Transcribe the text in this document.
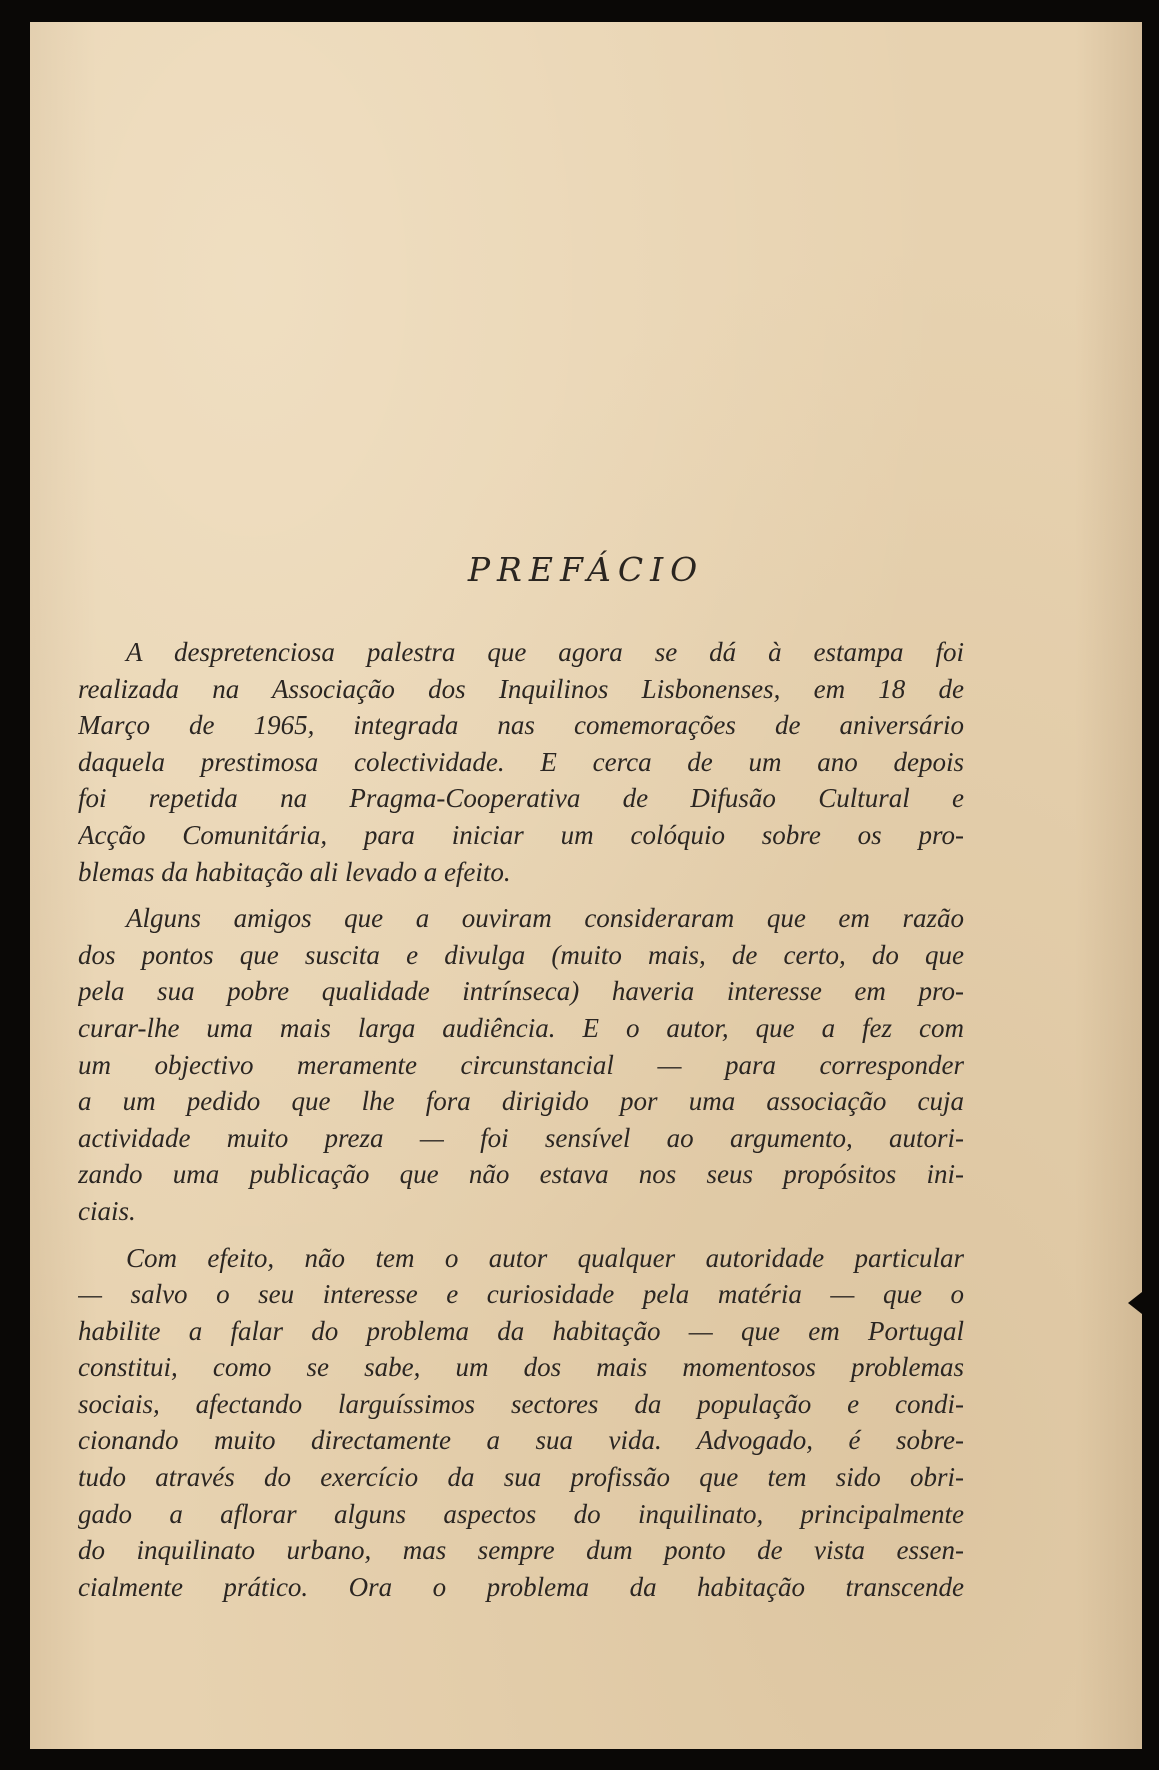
PREFÁCIO

A despretenciosa palestra que agora se dá à estampa foi
realizada na Associação dos Inquilinos Lisbonenses, em 18 de
Março de 1965, integrada nas comemorações de aniversário
daquela prestimosa colectividade. E cerca de um ano depois
foi repetida na Pragma-Cooperativa de Difusão Cultural e
Acção Comunitária, para iniciar um colóquio sobre os pro-
blemas da habitação ali levado a efeito.

Alguns amigos que a ouviram consideraram que em razão
dos pontos que suscita e divulga (muito mais, de certo, do que
pela sua pobre qualidade intrínseca) haveria interesse em pro-
curar-lhe uma mais larga audiência. E o autor, que a fez com
um objectivo meramente circunstancial — para corresponder
a um pedido que lhe fora dirigido por uma associação cuja
actividade muito preza — foi sensível ao argumento, autori-
zando uma publicação que não estava nos seus propósitos ini-
ciais.

Com efeito, não tem o autor qualquer autoridade particular
— salvo o seu interesse e curiosidade pela matéria — que o
habilite a falar do problema da habitação — que em Portugal
constitui, como se sabe, um dos mais momentosos problemas
sociais, afectando larguíssimos sectores da população e condi-
cionando muito directamente a sua vida. Advogado, é sobre-
tudo através do exercício da sua profissão que tem sido obri-
gado a aflorar alguns aspectos do inquilinato, principalmente
do inquilinato urbano, mas sempre dum ponto de vista essen-
cialmente prático. Ora o problema da habitação transcende
